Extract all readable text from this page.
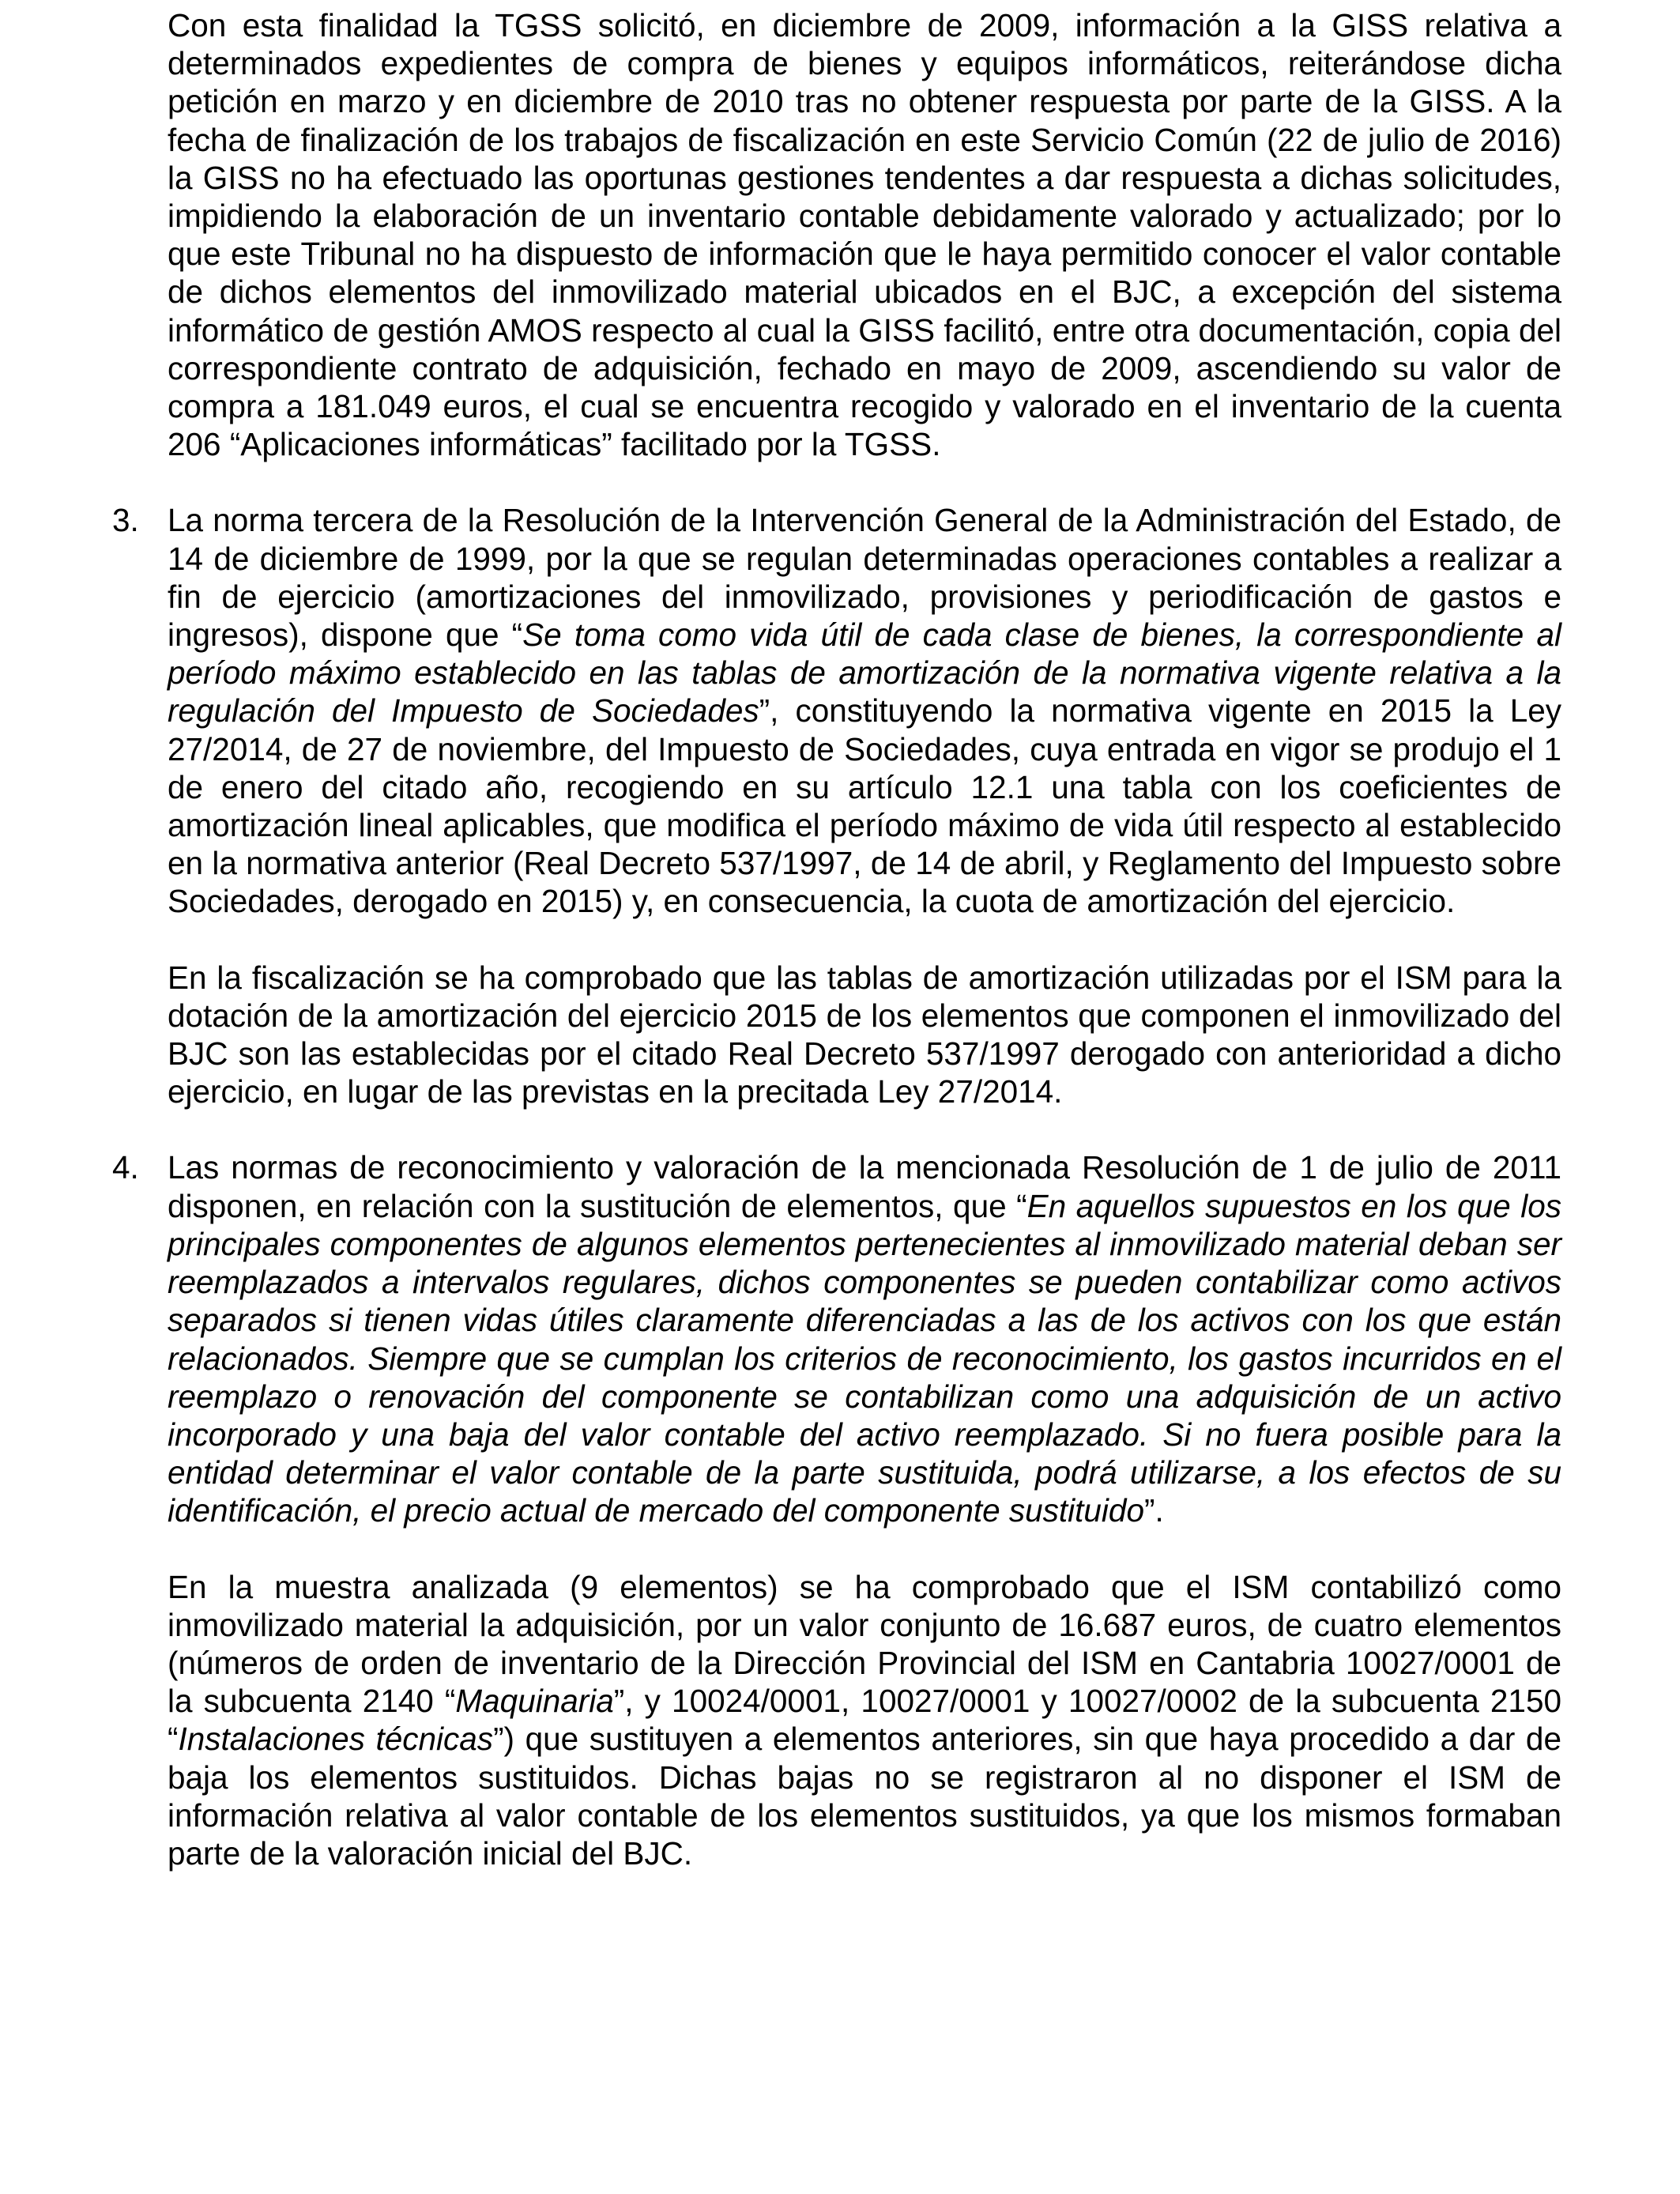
Con esta finalidad la TGSS solicitó, en diciembre de 2009, información a la GISS relativa a determinados expedientes de compra de bienes y equipos informáticos, reiterándose dicha petición en marzo y en diciembre de 2010 tras no obtener respuesta por parte de la GISS. A la fecha de finalización de los trabajos de fiscalización en este Servicio Común (22 de julio de 2016) la GISS no ha efectuado las oportunas gestiones tendentes a dar respuesta a dichas solicitudes, impidiendo la elaboración de un inventario contable debidamente valorado y actualizado; por lo que este Tribunal no ha dispuesto de información que le haya permitido conocer el valor contable de dichos elementos del inmovilizado material ubicados en el BJC, a excepción del sistema informático de gestión AMOS respecto al cual la GISS facilitó, entre otra documentación, copia del correspondiente contrato de adquisición, fechado en mayo de 2009, ascendiendo su valor de compra a 181.049 euros, el cual se encuentra recogido y valorado en el inventario de la cuenta 206 “Aplicaciones informáticas” facilitado por la TGSS.

3. La norma tercera de la Resolución de la Intervención General de la Administración del Estado, de 14 de diciembre de 1999, por la que se regulan determinadas operaciones contables a realizar a fin de ejercicio (amortizaciones del inmovilizado, provisiones y periodificación de gastos e ingresos), dispone que “Se toma como vida útil de cada clase de bienes, la correspondiente al período máximo establecido en las tablas de amortización de la normativa vigente relativa a la regulación del Impuesto de Sociedades”, constituyendo la normativa vigente en 2015 la Ley 27/2014, de 27 de noviembre, del Impuesto de Sociedades, cuya entrada en vigor se produjo el 1 de enero del citado año, recogiendo en su artículo 12.1 una tabla con los coeficientes de amortización lineal aplicables, que modifica el período máximo de vida útil respecto al establecido en la normativa anterior (Real Decreto 537/1997, de 14 de abril, y Reglamento del Impuesto sobre Sociedades, derogado en 2015) y, en consecuencia, la cuota de amortización del ejercicio.

En la fiscalización se ha comprobado que las tablas de amortización utilizadas por el ISM para la dotación de la amortización del ejercicio 2015 de los elementos que componen el inmovilizado del BJC son las establecidas por el citado Real Decreto 537/1997 derogado con anterioridad a dicho ejercicio, en lugar de las previstas en la precitada Ley 27/2014.

4. Las normas de reconocimiento y valoración de la mencionada Resolución de 1 de julio de 2011 disponen, en relación con la sustitución de elementos, que “En aquellos supuestos en los que los principales componentes de algunos elementos pertenecientes al inmovilizado material deban ser reemplazados a intervalos regulares, dichos componentes se pueden contabilizar como activos separados si tienen vidas útiles claramente diferenciadas a las de los activos con los que están relacionados. Siempre que se cumplan los criterios de reconocimiento, los gastos incurridos en el reemplazo o renovación del componente se contabilizan como una adquisición de un activo incorporado y una baja del valor contable del activo reemplazado. Si no fuera posible para la entidad determinar el valor contable de la parte sustituida, podrá utilizarse, a los efectos de su identificación, el precio actual de mercado del componente sustituido”.

En la muestra analizada (9 elementos) se ha comprobado que el ISM contabilizó como inmovilizado material la adquisición, por un valor conjunto de 16.687 euros, de cuatro elementos (números de orden de inventario de la Dirección Provincial del ISM en Cantabria 10027/0001 de la subcuenta 2140 “Maquinaria”, y 10024/0001, 10027/0001 y 10027/0002 de la subcuenta 2150 “Instalaciones técnicas”) que sustituyen a elementos anteriores, sin que haya procedido a dar de baja los elementos sustituidos. Dichas bajas no se registraron al no disponer el ISM de información relativa al valor contable de los elementos sustituidos, ya que los mismos formaban parte de la valoración inicial del BJC.
